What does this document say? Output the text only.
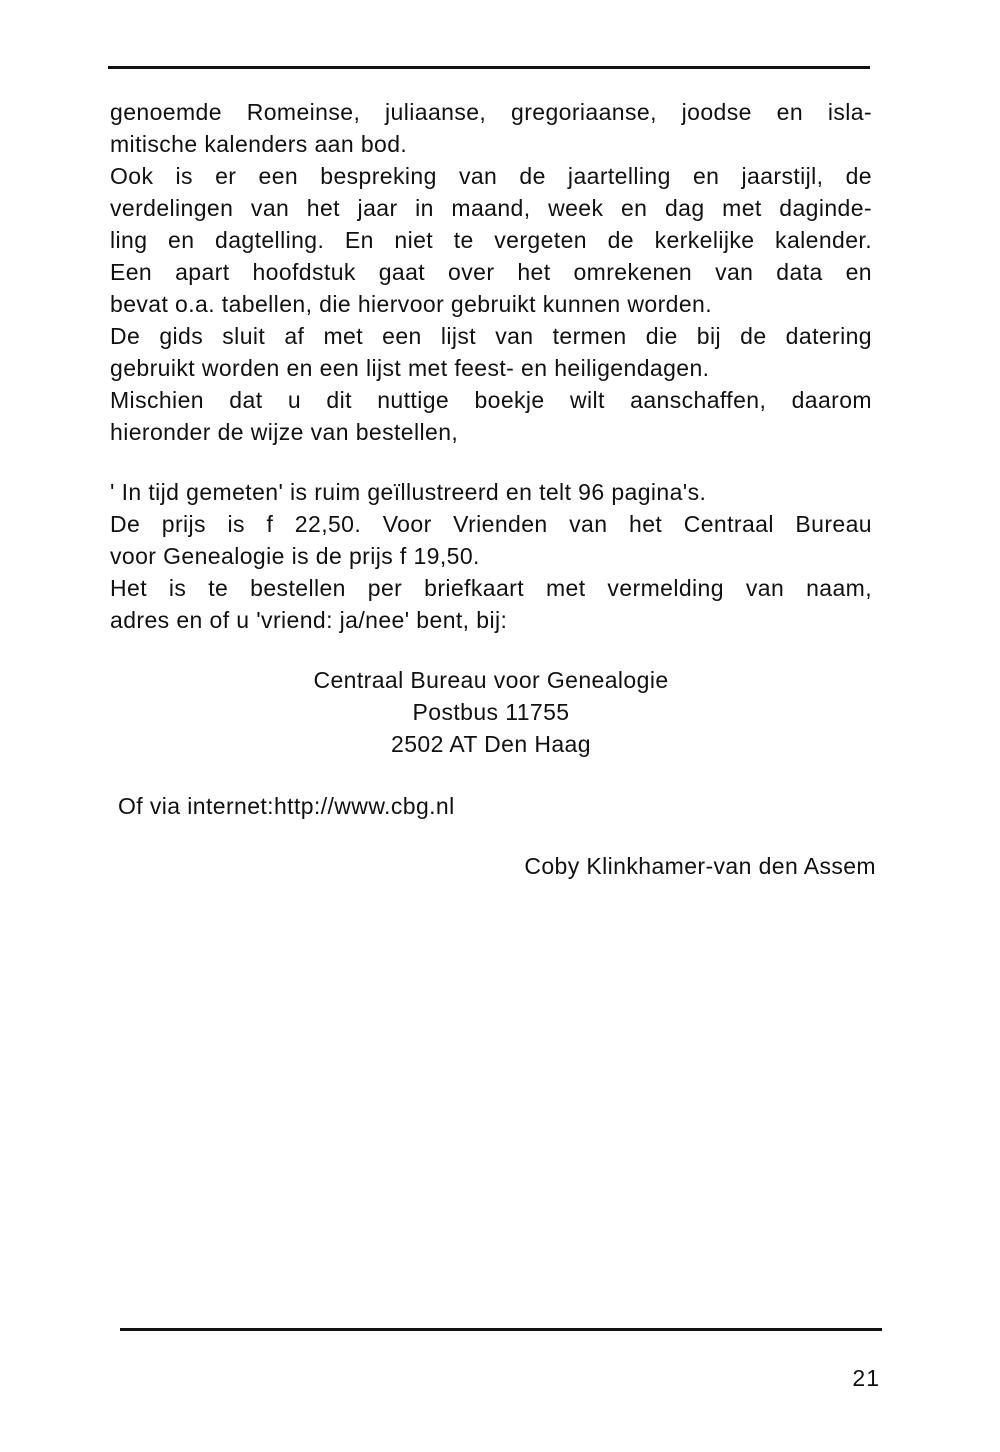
genoemde Romeinse, juliaanse, gregoriaanse, joodse en isla-
mitische kalenders aan bod.
Ook is er een bespreking van de jaartelling en jaarstijl, de
verdelingen van het jaar in maand, week en dag met daginde-
ling en dagtelling. En niet te vergeten de kerkelijke kalender.
Een apart hoofdstuk gaat over het omrekenen van data en
bevat o.a. tabellen, die hiervoor gebruikt kunnen worden.
De gids sluit af met een lijst van termen die bij de datering
gebruikt worden en een lijst met feest- en heiligendagen.
Mischien dat u dit nuttige boekje wilt aanschaffen, daarom
hieronder de wijze van bestellen,
' In tijd gemeten' is ruim geïllustreerd en telt 96 pagina's.
De prijs is f 22,50. Voor Vrienden van het Centraal Bureau
voor Genealogie is de prijs f 19,50.
Het is te bestellen per briefkaart met vermelding van naam,
adres en of u 'vriend: ja/nee' bent, bij:
Centraal Bureau voor Genealogie
Postbus 11755
2502 AT Den Haag
Of via internet:http://www.cbg.nl
Coby Klinkhamer-van den Assem
21
